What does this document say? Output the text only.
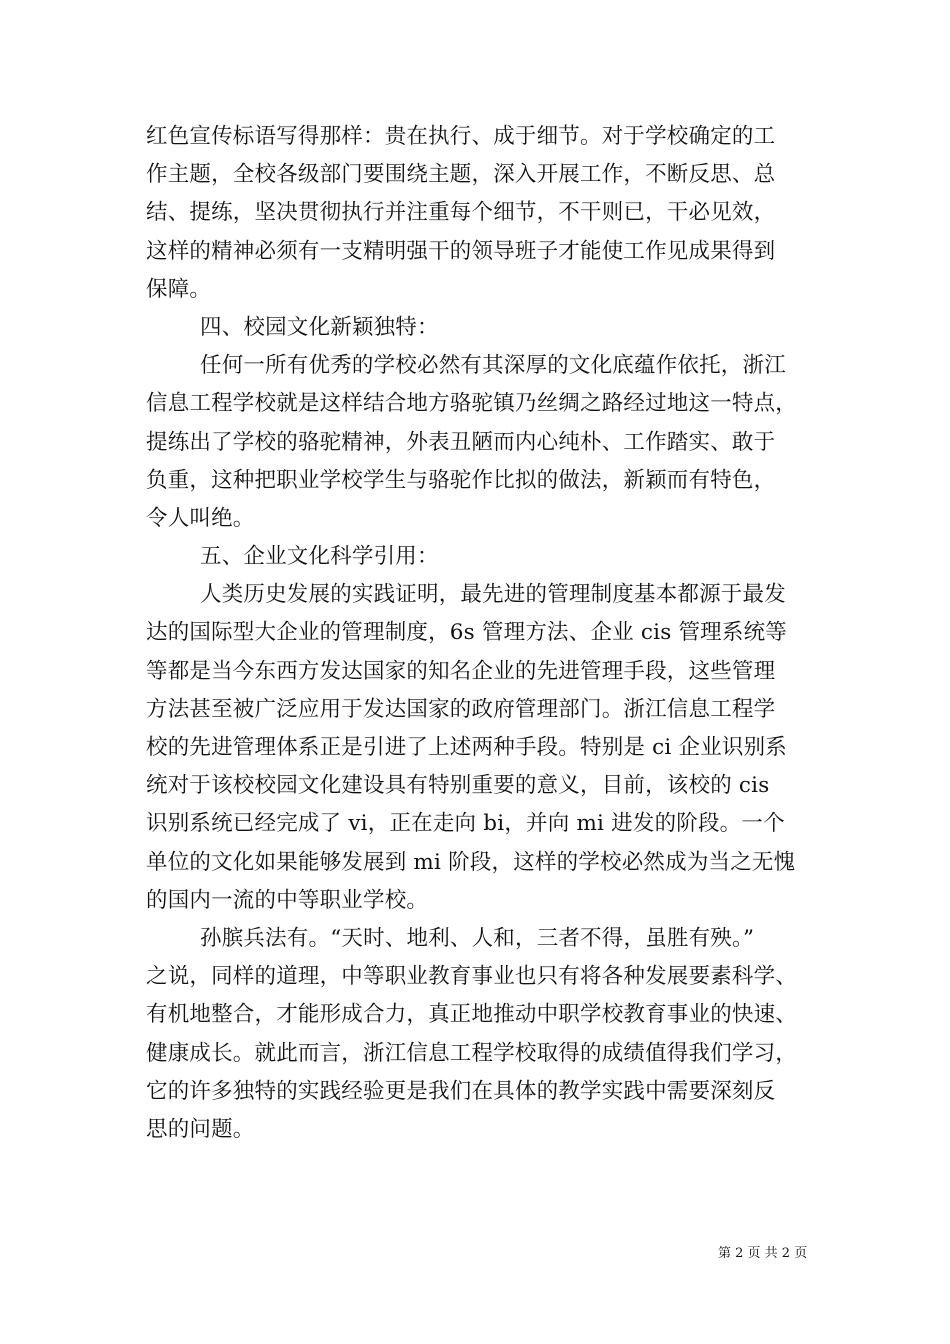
红色宣传标语写得那样：贵在执行、成于细节。对于学校确定的工
作主题，全校各级部门要围绕主题，深入开展工作，不断反思、总
结、提练，坚决贯彻执行并注重每个细节，不干则已，干必见效，
这样的精神必须有一支精明强干的领导班子才能使工作见成果得到
保障。
四、校园文化新颖独特：
任何一所有优秀的学校必然有其深厚的文化底蕴作依托，浙江
信息工程学校就是这样结合地方骆驼镇乃丝绸之路经过地这一特点，
提练出了学校的骆驼精神，外表丑陋而内心纯朴、工作踏实、敢于
负重，这种把职业学校学生与骆驼作比拟的做法，新颖而有特色，
令人叫绝。
五、企业文化科学引用：
人类历史发展的实践证明，最先进的管理制度基本都源于最发
达的国际型大企业的管理制度，6s 管理方法、企业 cis 管理系统等
等都是当今东西方发达国家的知名企业的先进管理手段，这些管理
方法甚至被广泛应用于发达国家的政府管理部门。浙江信息工程学
校的先进管理体系正是引进了上述两种手段。特别是 ci 企业识别系
统对于该校校园文化建设具有特别重要的意义，目前，该校的 cis
识别系统已经完成了 vi，正在走向 bi，并向 mi 进发的阶段。一个
单位的文化如果能够发展到 mi 阶段，这样的学校必然成为当之无愧
的国内一流的中等职业学校。
孙膑兵法有。“天时、地利、人和，三者不得，虽胜有殃。”
之说，同样的道理，中等职业教育事业也只有将各种发展要素科学、
有机地整合，才能形成合力，真正地推动中职学校教育事业的快速、
健康成长。就此而言，浙江信息工程学校取得的成绩值得我们学习，
它的许多独特的实践经验更是我们在具体的教学实践中需要深刻反
思的问题。
第 2 页 共 2 页
